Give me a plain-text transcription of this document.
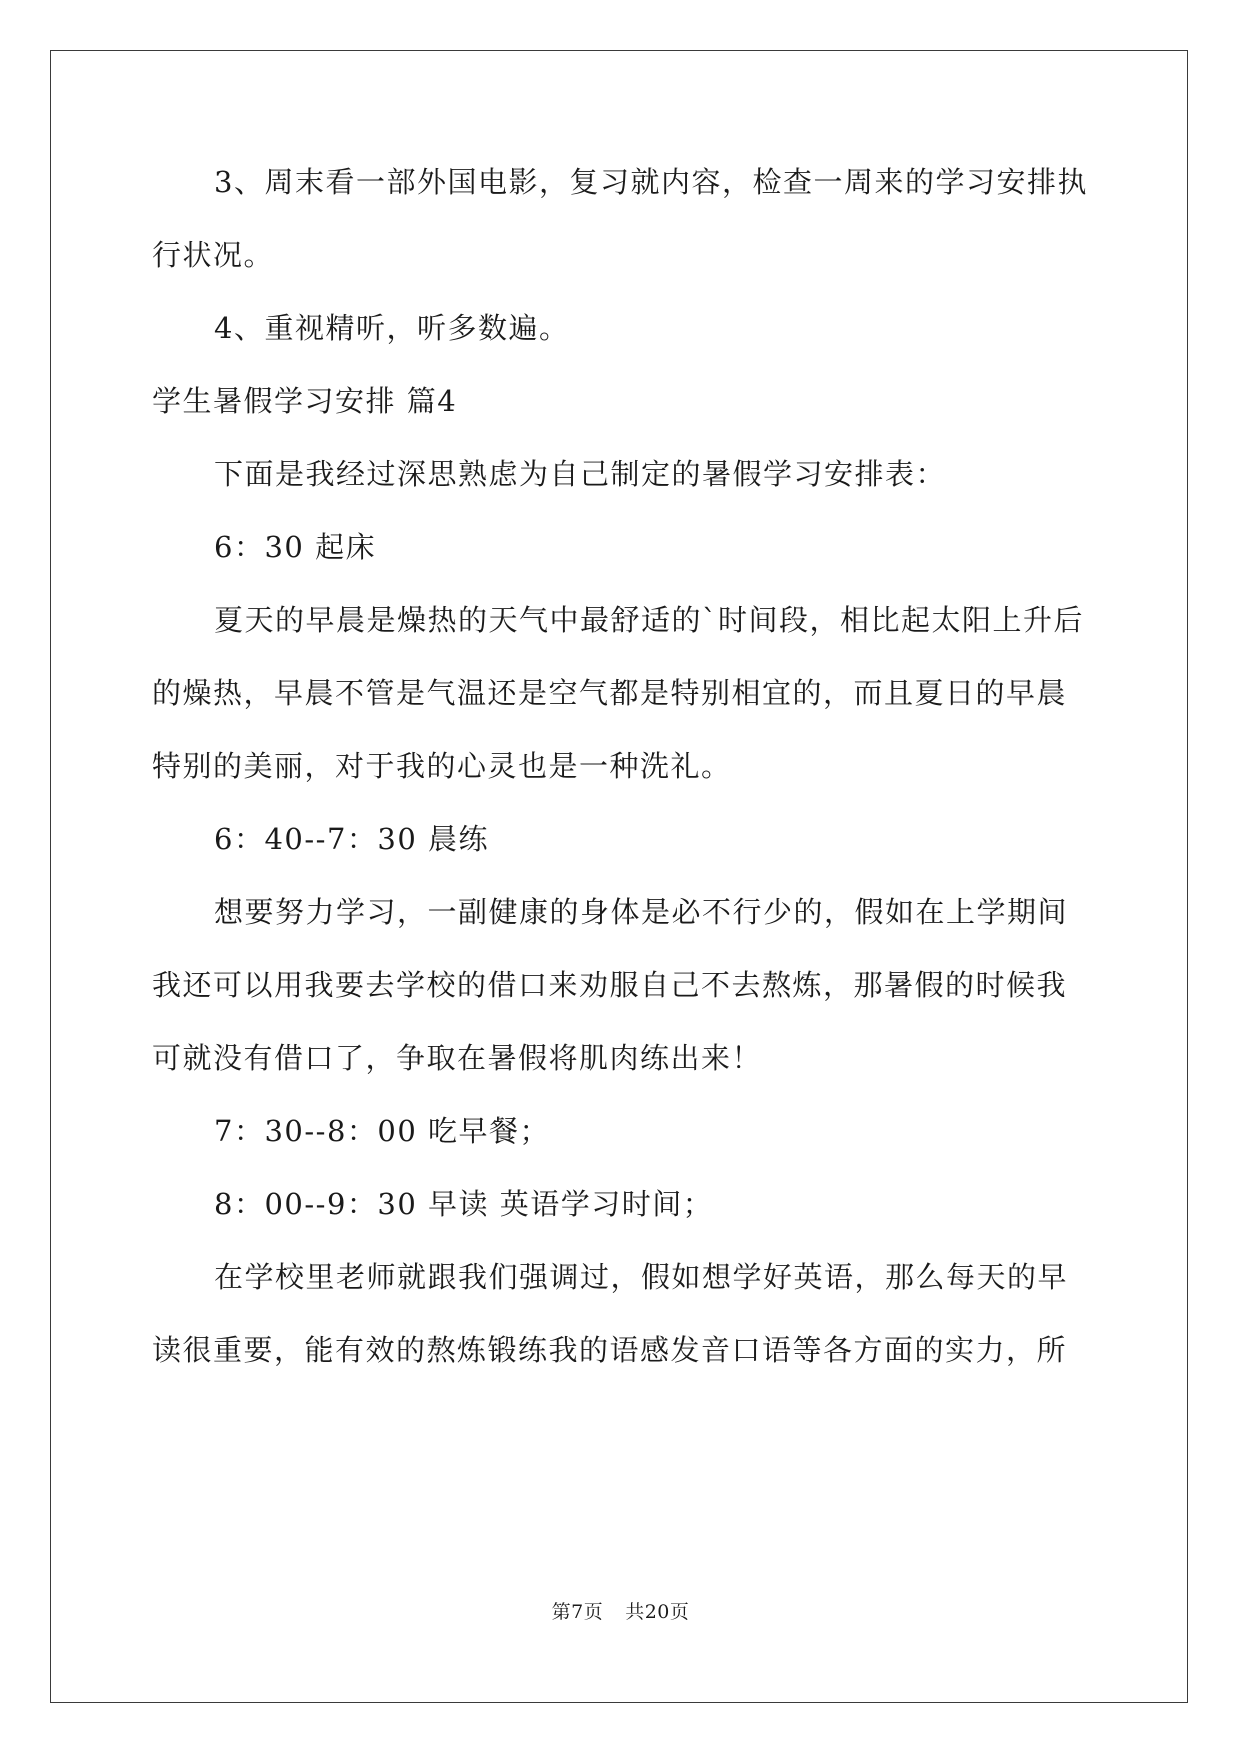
3、周末看一部外国电影，复习就内容，检查一周来的学习安排执
行状况。
4、重视精听，听多数遍。
学生暑假学习安排 篇4
下面是我经过深思熟虑为自己制定的暑假学习安排表：
6：30 起床
夏天的早晨是燥热的天气中最舒适的`时间段，相比起太阳上升后
的燥热，早晨不管是气温还是空气都是特别相宜的，而且夏日的早晨
特别的美丽，对于我的心灵也是一种洗礼。
6：40--7：30 晨练
想要努力学习，一副健康的身体是必不行少的，假如在上学期间
我还可以用我要去学校的借口来劝服自己不去熬炼，那暑假的时候我
可就没有借口了，争取在暑假将肌肉练出来！
7：30--8：00 吃早餐；
8：00--9：30 早读 英语学习时间；
在学校里老师就跟我们强调过，假如想学好英语，那么每天的早
读很重要，能有效的熬炼锻练我的语感发音口语等各方面的实力，所
第7页 共20页
